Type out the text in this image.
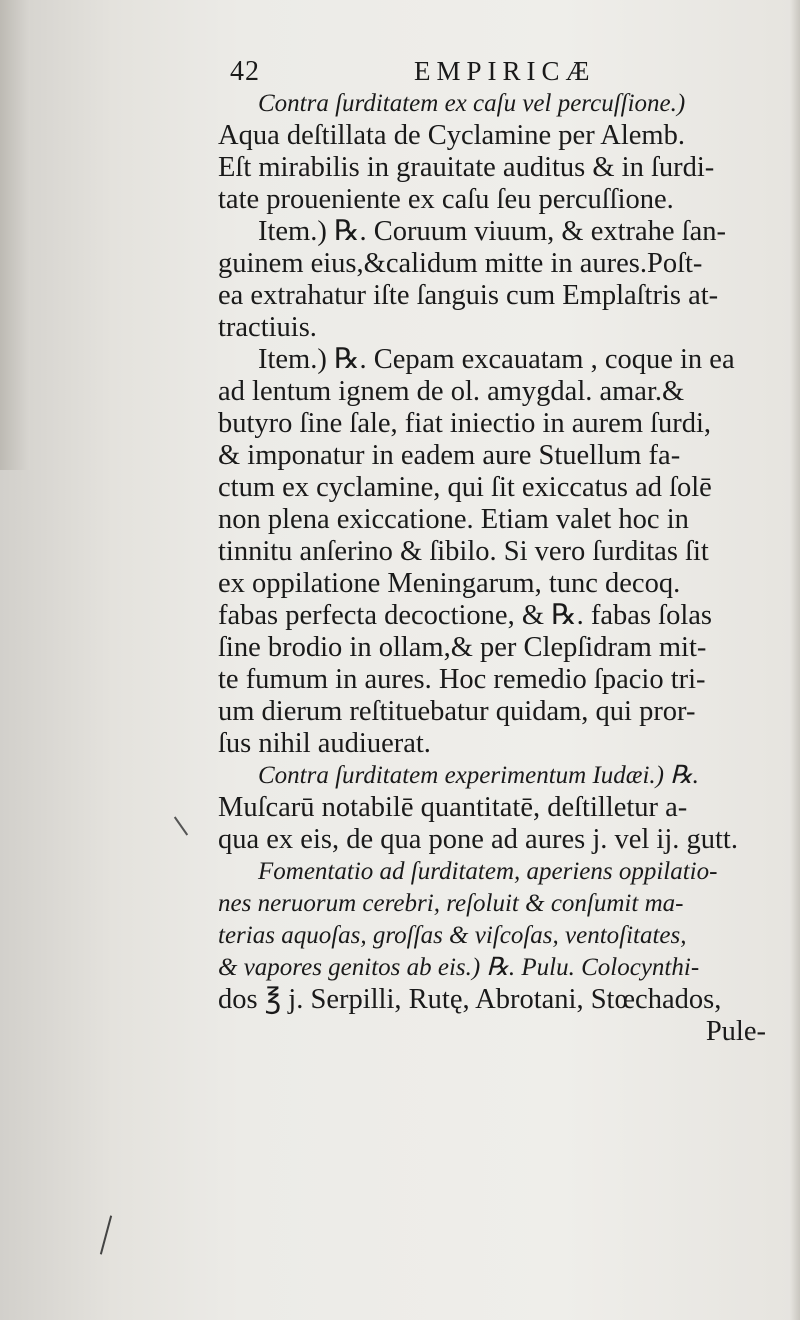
42	EMPIRICÆ
Contra ſurditatem ex caſu vel percuſſione.)
Aqua deſtillata de Cyclamine per Alemb.
Eſt mirabilis in grauitate auditus & in ſurdi-
tate proueniente ex caſu ſeu percuſſione.
Item.) ℞. Coruum viuum, & extrahe ſan-
guinem eius,&calidum mitte in aures.Poſt-
ea extrahatur iſte ſanguis cum Emplaſtris at-
tractiuis.
Item.) ℞. Cepam excauatam , coque in ea
ad lentum ignem de ol. amygdal. amar.&
butyro ſine ſale, fiat iniectio in aurem ſurdi,
& imponatur in eadem aure Stuellum fa-
ctum ex cyclamine, qui ſit exiccatus ad ſolē
non plena exiccatione. Etiam valet hoc in
tinnitu anſerino & ſibilo. Si vero ſurditas ſit
ex oppilatione Meningarum, tunc decoq.
fabas perfecta decoctione, & ℞. fabas ſolas
ſine brodio in ollam,& per Clepſidram mit-
te fumum in aures. Hoc remedio ſpacio tri-
um dierum reſtituebatur quidam, qui pror-
ſus nihil audiuerat.
Contra ſurditatem experimentum Iudæi.) ℞.
Muſcarū notabilē quantitatē, deſtilletur a-
qua ex eis, de qua pone ad aures j. vel ij. gutt.
Fomentatio ad ſurditatem, aperiens oppilatio-
nes neruorum cerebri, reſoluit & conſumit ma-
terias aquoſas, groſſas & viſcoſas, ventoſitates,
& vapores genitos ab eis.) ℞. Pulu. Colocynthi-
dos ℥ j. Serpilli, Rutę, Abrotani, Stœchados,
Pule-
